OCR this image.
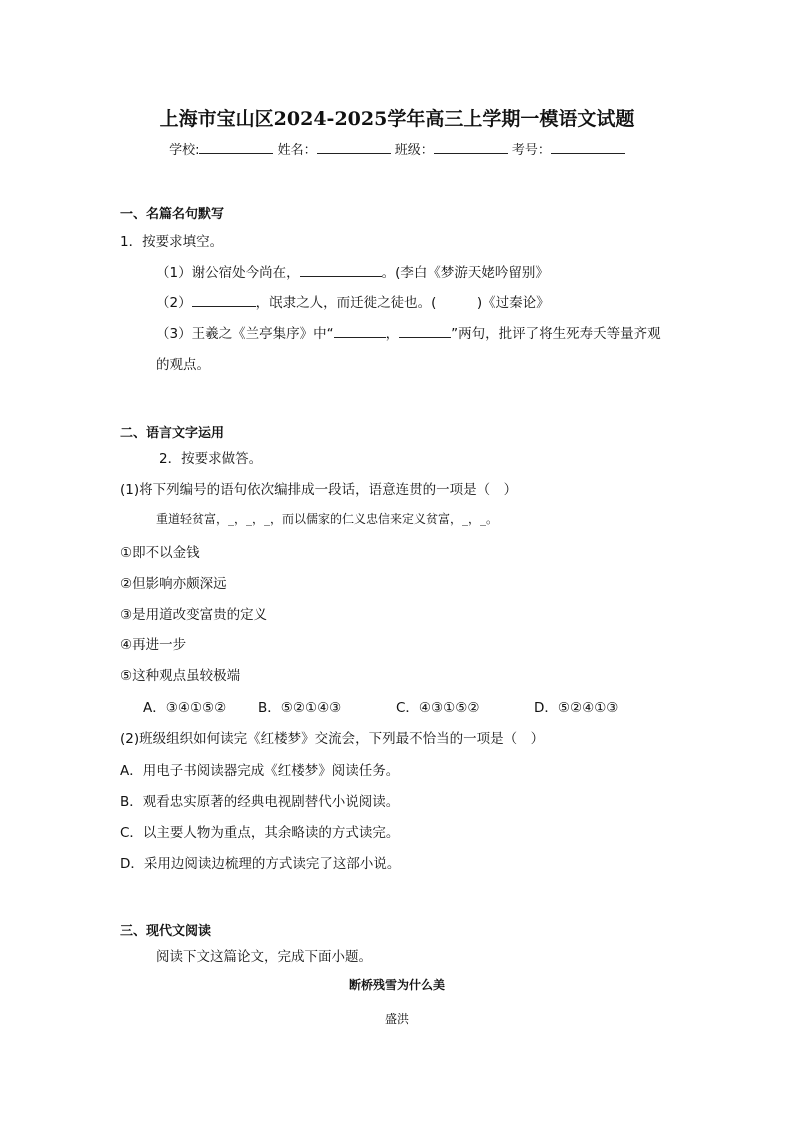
上海市宝山区2024-2025学年高三上学期一模语文试题
学校:	姓名：	班级：	考号：
一、名篇名句默写
1．按要求填空。
（1）谢公宿处今尚在，	。(李白《梦游天姥吟留别》
（2）	，氓隶之人，而迁徙之徒也。(　　　)《过秦论》
（3）王羲之《兰亭集序》中“	，	”两句，批评了将生死寿夭等量齐观
的观点。
二、语言文字运用
2．按要求做答。
(1)将下列编号的语句依次编排成一段话，语意连贯的一项是（　）
重道轻贫富，_，_，_，而以儒家的仁义忠信来定义贫富，_，_。
①即不以金钱
②但影响亦颇深远
③是用道改变富贵的定义
④再进一步
⑤这种观点虽较极端
A．③④①⑤② B．⑤②①④③	C．④③①⑤②	D．⑤②④①③
(2)班级组织如何读完《红楼梦》交流会，下列最不恰当的一项是（　）
A．用电子书阅读器完成《红楼梦》阅读任务。
B．观看忠实原著的经典电视剧替代小说阅读。
C．以主要人物为重点，其余略读的方式读完。
D．采用边阅读边梳理的方式读完了这部小说。
三、现代文阅读
阅读下文这篇论文，完成下面小题。
断桥残雪为什么美
盛洪
